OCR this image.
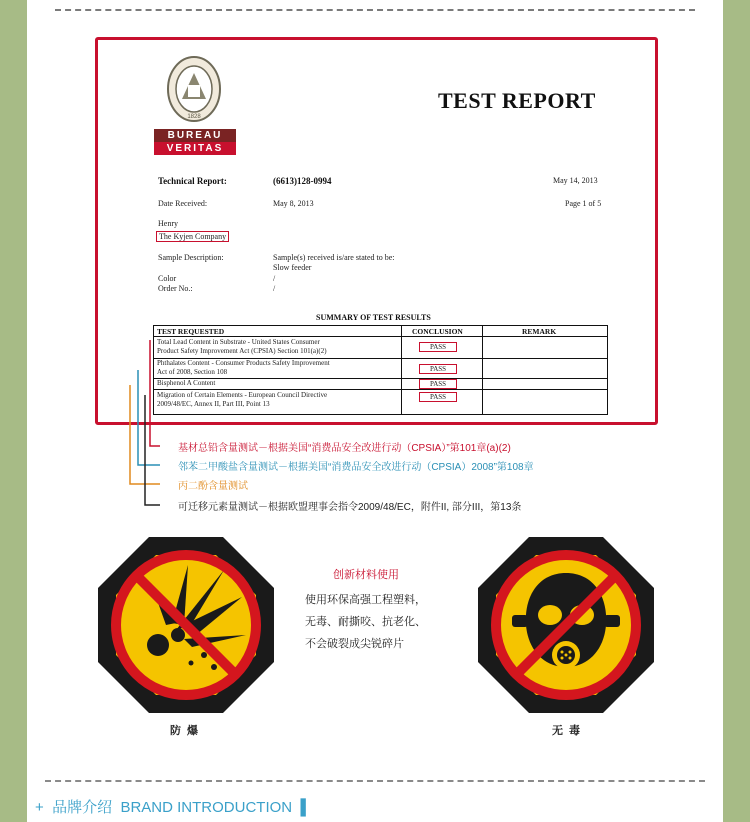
1828
BUREAU
VERITAS
TEST REPORT
Technical Report:	(6613)128-0994	May 14, 2013
Date Received:	May 8, 2013	Page 1 of 5
Henry
The Kyjen Company
Sample Description:	Sample(s) received is/are stated to be:
Slow feeder
Color	/
Order No.:	/
SUMMARY OF TEST RESULTS
TEST REQUESTED	CONCLUSION	REMARK
Total Lead Content in Substrate - United States Consumer
Product Safety Improvement Act (CPSIA) Section 101(a)(2)	PASS
Phthalates Content - Consumer Products Safety Improvement
Act of 2008, Section 108	PASS
Bisphenol A Content	PASS
Migration of Certain Elements - European Council Directive
2009/48/EC, Annex II, Part III, Point 13
PASS
基材总铅含量测试－根据美国“消费品安全改进行动（CPSIA）”第101章(a)(2)
邻苯二甲酸盐含量测试－根据美国“消费品安全改进行动（CPSIA）2008”第108章
丙二酚含量测试
可迁移元素量测试－根据欧盟理事会指令2009/48/EC，附件II, 部分III，第13条
防爆
创新材料使用
使用环保高强工程塑料，
无毒、耐撕咬、抗老化、
不会破裂成尖锐碎片
无毒
+ 品牌介绍 BRAND INTRODUCTION ▌
